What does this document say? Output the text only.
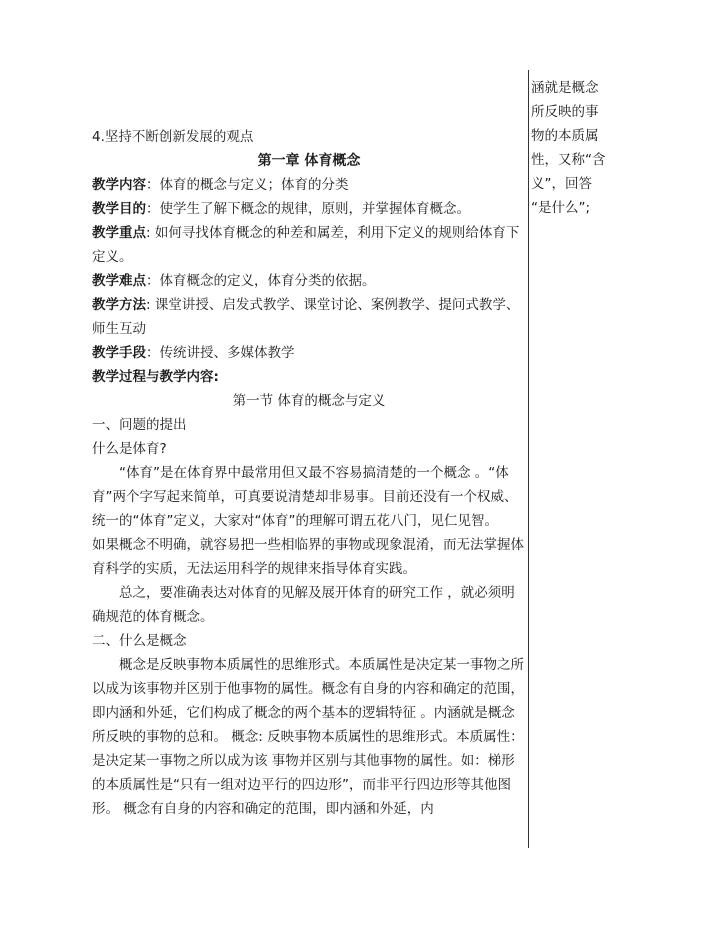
涵就是概念

所反映的事

物的本质属

性，又称“含

义”，回答

“是什么”;

4.坚持不断创新发展的观点

第一章 体育概念

教学内容：体育的概念与定义；体育的分类

教学目的：使学生了解下概念的规律，原则，并掌握体育概念。

教学重点: 如何寻找体育概念的种差和属差，利用下定义的规则给体育下定义。

教学难点：体育概念的定义，体育分类的依据。

教学方法: 课堂讲授、启发式教学、课堂讨论、案例教学、提问式教学、师生互动

教学手段：传统讲授、多媒体教学

教学过程与教学内容:

第一节 体育的概念与定义

一、问题的提出

什么是体育?

“体育”是在体育界中最常用但又最不容易搞清楚的一个概念 。“体育”两个字写起来简单，可真要说清楚却非易事。目前还没有一个权威、统一的“体育”定义，大家对“体育”的理解可谓五花八门，见仁见智。

如果概念不明确，就容易把一些相临界的事物或现象混淆，而无法掌握体育科学的实质，无法运用科学的规律来指导体育实践。

总之，要准确表达对体育的见解及展开体育的研究工作 ，就必须明确规范的体育概念。

二、什么是概念

概念是反映事物本质属性的思维形式。本质属性是决定某一事物之所以成为该事物并区别于他事物的属性。概念有自身的内容和确定的范围，即内涵和外延，它们构成了概念的两个基本的逻辑特征 。内涵就是概念所反映的事物的总和。 概念: 反映事物本质属性的思维形式。本质属性：是决定某一事物之所以成为该 事物并区别与其他事物的属性。如：梯形的本质属性是“只有一组对边平行的四边形”，而非平行四边形等其他图形。 概念有自身的内容和确定的范围，即内涵和外延，内
